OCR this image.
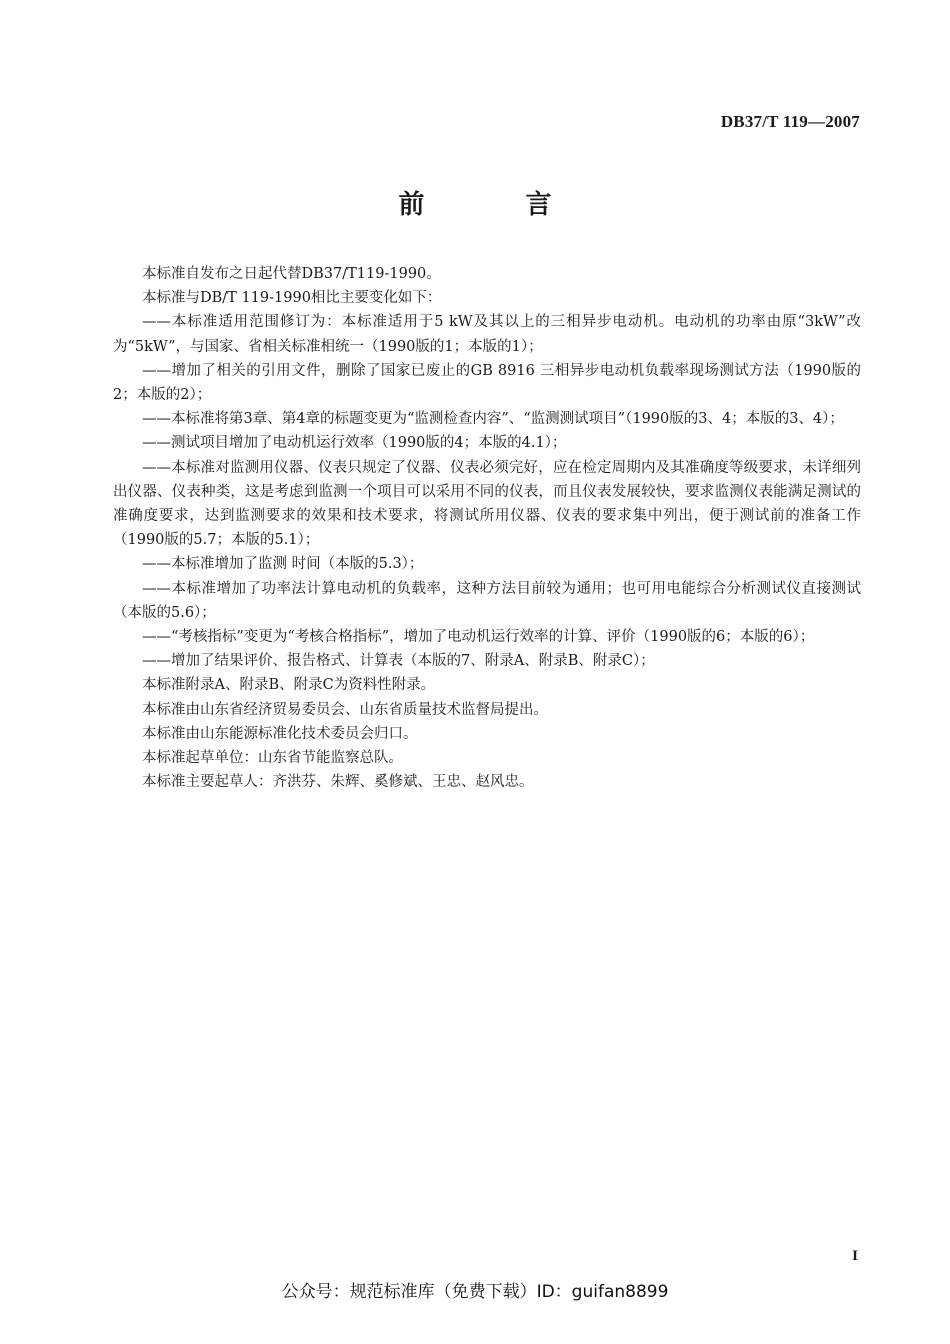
DB37/T 119—2007
前 言

本标准自发布之日起代替DB37/T119-1990。

本标准与DB/T 119-1990相比主要变化如下：

——本标准适用范围修订为：本标准适用于5 kW及其以上的三相异步电动机。电动机的功率由原“3kW”改为“5kW”，与国家、省相关标准相统一（1990版的1；本版的1）；

——增加了相关的引用文件，删除了国家已废止的GB 8916 三相异步电动机负载率现场测试方法（1990版的2；本版的2）；

——本标准将第3章、第4章的标题变更为“监测检查内容”、“监测测试项目”（1990版的3、4；本版的3、4）；

——测试项目增加了电动机运行效率（1990版的4；本版的4.1）；

——本标准对监测用仪器、仪表只规定了仪器、仪表必须完好，应在检定周期内及其准确度等级要求，未详细列出仪器、仪表种类，这是考虑到监测一个项目可以采用不同的仪表，而且仪表发展较快，要求监测仪表能满足测试的准确度要求，达到监测要求的效果和技术要求，将测试所用仪器、仪表的要求集中列出，便于测试前的准备工作（1990版的5.7；本版的5.1）；

——本标准增加了监测 时间（本版的5.3）；

——本标准增加了功率法计算电动机的负载率，这种方法目前较为通用；也可用电能综合分析测试仪直接测试（本版的5.6）；

——“考核指标”变更为“考核合格指标”，增加了电动机运行效率的计算、评价（1990版的6；本版的6）；

——增加了结果评价、报告格式、计算表（本版的7、附录A、附录B、附录C）；

本标准附录A、附录B、附录C为资料性附录。

本标准由山东省经济贸易委员会、山东省质量技术监督局提出。

本标准由山东能源标准化技术委员会归口。

本标准起草单位：山东省节能监察总队。

本标准主要起草人：齐洪芬、朱辉、奚修斌、王忠、赵风忠。

I
公众号：规范标准库（免费下载）ID：guifan8899
